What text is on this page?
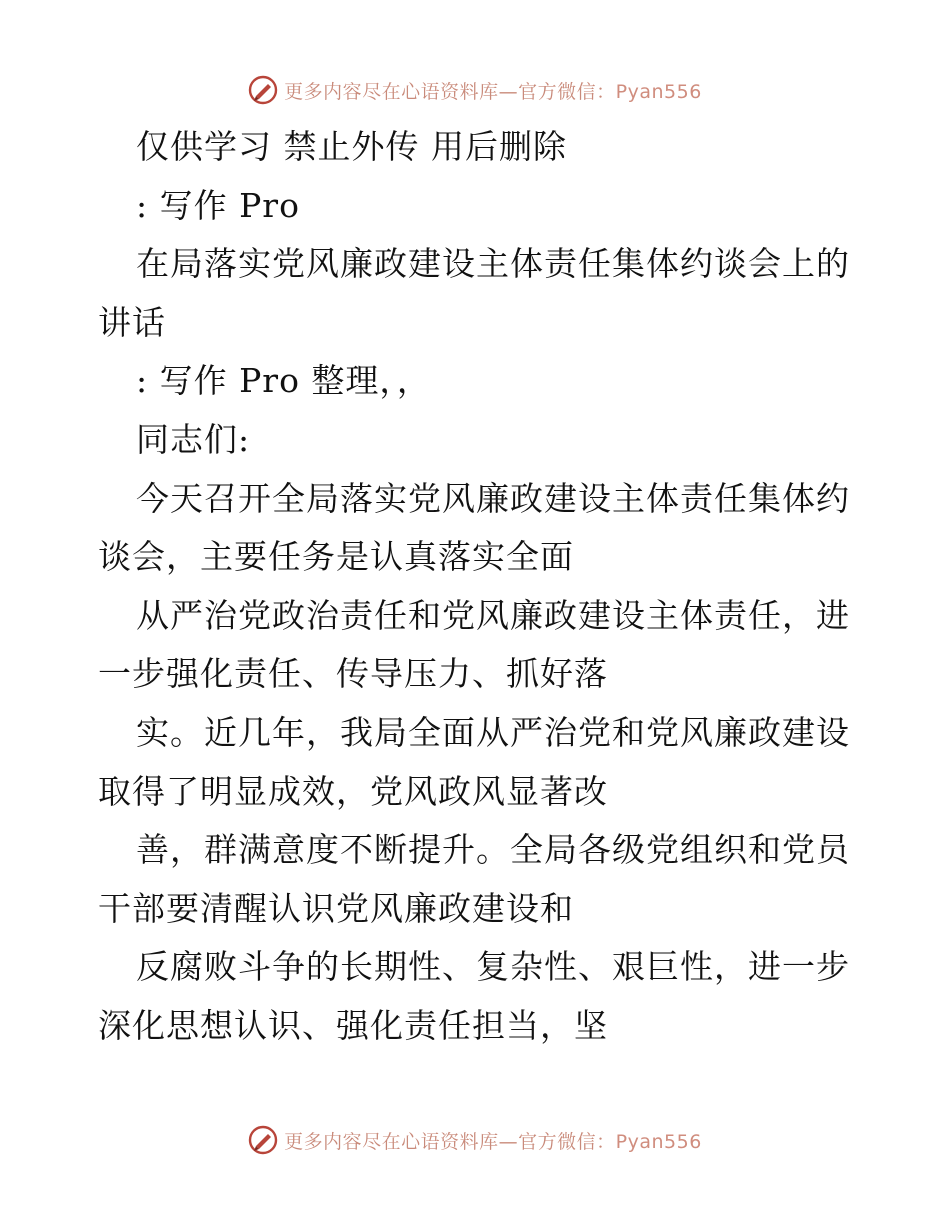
更多内容尽在心语资料库—官方微信：Pyan556
仅供学习 禁止外传 用后删除
: 写作 Pro
在局落实党风廉政建设主体责任集体约谈会上的
讲话
: 写作 Pro 整理，，
同志们:
今天召开全局落实党风廉政建设主体责任集体约
谈会，主要任务是认真落实全面
从严治党政治责任和党风廉政建设主体责任，进
一步强化责任、传导压力、抓好落
实。近几年，我局全面从严治党和党风廉政建设
取得了明显成效，党风政风显著改
善，群满意度不断提升。全局各级党组织和党员
干部要清醒认识党风廉政建设和
反腐败斗争的长期性、复杂性、艰巨性，进一步
深化思想认识、强化责任担当，坚
更多内容尽在心语资料库—官方微信：Pyan556
